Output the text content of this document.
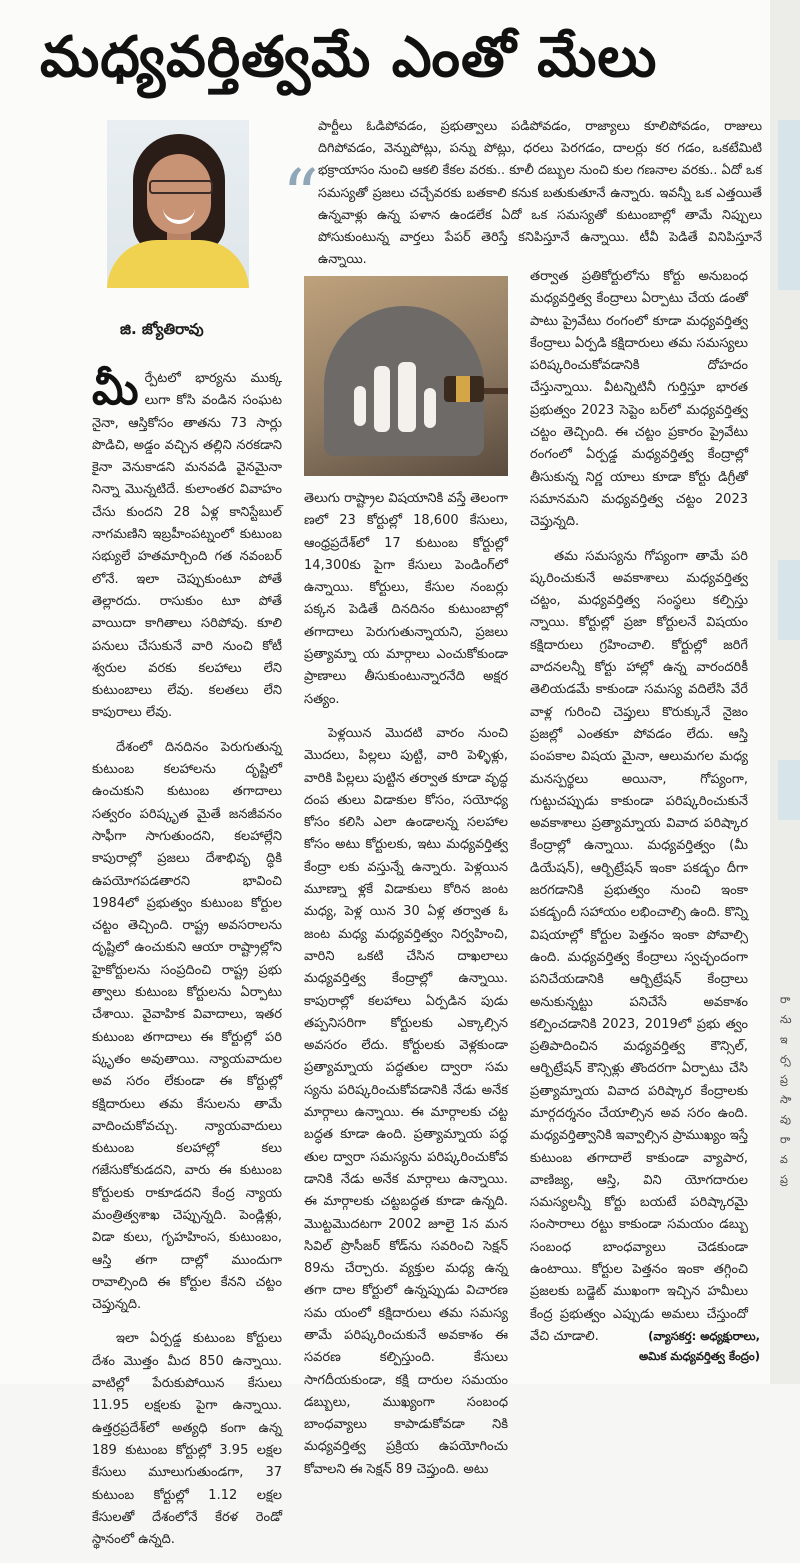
మధ్యవర్తిత్వమే ఎంతో మేలు
“
జి. జ్యోతిరావు

పార్టీలు ఓడిపోవడం, ప్రభుత్వాలు పడిపోవడం, రాజ్యాలు కూలిపోవడం, రాజులు దిగిపోవడం, వెన్నుపోట్లు, పన్ను పోట్లు, ధరలు పెరగడం, దాలర్లు కర గడం, ఒకటేమిటి భక్రాయాసం నుంచి ఆకలి కేకల వరకు.. కూలీ దబ్బుల నుంచి కుల గణనాల వరకు.. ఏదో ఒక సమస్యతో ప్రజలు చచ్చేవరకు బతకాలి కనుక బతుకుతూనే ఉన్నారు. ఇవన్నీ ఒక ఎత్తయితే ఉన్నవాళ్లు ఉన్న పళాన ఉండలేక ఏదో ఒక సమస్యతో కుటుంబాల్లో తామే నిప్పులు పోసుకుంటున్న వార్తలు పేపర్ తెరిస్తే కనిపిస్తూనే ఉన్నాయి. టీవీ పెడితే వినిపిస్తూనే ఉన్నాయి.

మీర్పేటలో భార్యను ముక్క లుగా కోసి వండిన సంఘట నైనా, ఆస్తికోసం తాతను 73 సార్లు పొడిచి, అడ్డం వచ్చిన తల్లిని నరకడాని కైనా వెనుకాడని మనవడి వైనమైనా నిన్నా మొన్నటిదే. కులాంతర వివాహం చేసు కుందని 28 ఏళ్ల కానిస్టేబుల్ నాగమణిని ఇబ్రహీంపట్నంలో కుటుంబ సభ్యులే హతమార్చింది గత నవంబర్ లోనే. ఇలా చెప్పుకుంటూ పోతే తెల్లారదు. రాసుకుం టూ పోతే వాయిదా కాగితాలు సరిపోవు. కూలి పనులు చేసుకునే వారి నుంచి కోటీ శ్వరుల వరకు కలహాలు లేని కుటుంబాలు లేవు. కలతలు లేని కాపురాలు లేవు.

దేశంలో దినదినం పెరుగుతున్న కుటుంబ కలహాలను దృష్టిలో ఉంచుకుని కుటుంబ తగాదాలు సత్వరం పరిష్కృత మైతే జనజీవనం సాఫీగా సాగుతుందని, కలహాల్లేని కాపురాల్లో ప్రజలు దేశాభివృ ద్ధికి ఉపయోగపడతారని భావించి 1984లో ప్రభుత్వం కుటుంబ కోర్టుల చట్టం తెచ్చింది. రాష్ట్ర అవసరాలను దృష్టిలో ఉంచుకుని ఆయా రాష్ట్రాల్లోని హైకోర్టులను సంప్రదించి రాష్ట్ర ప్రభు త్వాలు కుటుంబ కోర్టులను ఏర్పాటు చేశాయి. వైవాహిక వివాదాలు, ఇతర కుటుంబ తగాదాలు ఈ కోర్టుల్లో పరి ష్కృతం అవుతాయి. న్యాయవాదుల అవ సరం లేకుండా ఈ కోర్టుల్లో కక్షిదారులు తమ కేసులను తామే వాదించుకోవచ్చు. న్యాయవాదులు కుటుంబ కలహాల్లో కలు గజేసుకోకుడదని, వారు ఈ కుటుంబ కోర్టులకు రాకూడదని కేంద్ర న్యాయ మంత్రిత్వశాఖ చెప్పున్నది. పెండ్లిళ్లు, విడా కులు, గృహహింస, కుటుంబం, ఆస్తి తగా దాల్లో ముందుగా రావాల్సింది ఈ కోర్టుల కేనని చట్టం చెప్తున్నది.

ఇలా ఏర్పడ్డ కుటుంబ కోర్టులు దేశం మొత్తం మీద 850 ఉన్నాయి. వాటిల్లో పేరుకుపోయిన కేసులు 11.95 లక్షలకు పైగా ఉన్నాయి. ఉత్తర్రప్రదేశ్‌లో అత్యధి కంగా ఉన్న 189 కుటుంబ కోర్టుల్లో 3.95 లక్షల కేసులు మూలుగుతుండగా, 37 కుటుంబ కోర్టుల్లో 1.12 లక్షల కేసులతో దేశంలోనే కేరళ రెండో స్థానంలో ఉన్నది.

తెలుగు రాష్ట్రాల విషయానికి వస్తే తెలంగా ణలో 23 కోర్టుల్లో 18,600 కేసులు, ఆంధ్రప్రదేశ్‌లో 17 కుటుంబ కోర్టుల్లో 14,300కు పైగా కేసులు పెండింగ్‌లో ఉన్నాయి. కోర్టులు, కేసుల నంబర్లు పక్కన పెడితే దినదినం కుటుంబాల్లో తగాదాలు పెరుగుతున్నాయని, ప్రజలు ప్రత్యామ్నా య మార్గాలు ఎంచుకోకుండా ప్రాణాలు తీసుకుంటున్నారనేది అక్షర సత్యం.

పెళ్లయిన మొదటి వారం నుంచి మొదలు, పిల్లలు పుట్టి, వారి పెళ్ళిళ్లు, వారికి పిల్లలు పుట్టిన తర్వాత కూడా వృద్ధ దంప తులు విడాకుల కోసం, సయోధ్య కోసం కలిసి ఎలా ఉండాలన్న సలహాల కోసం అటు కోర్టులకు, ఇటు మధ్యవర్తిత్వ కేంద్రా లకు వస్తున్నే ఉన్నారు. పెళ్లయిన మూణ్నా ళ్లకే విడాకులు కోరిన జంట మధ్య, పెళ్ల యిన 30 ఏళ్ల తర్వాత ఓ జంట మధ్య మధ్యవర్తిత్వం నిర్వహించి, వారిని ఒకటి చేసిన దాఖలాలు మధ్యవర్తిత్వ కేంద్రాల్లో ఉన్నాయి. కాపురాల్లో కలహాలు ఏర్పడిన పుడు తప్పనిసరిగా కోర్టులకు ఎక్కాల్సిన అవసరం లేదు. కోర్టులకు వెళ్లకుండా ప్రత్యామ్నాయ పద్ధతుల ద్వారా సమ స్యను పరిష్కరించుకోవడానికి నేడు అనేక మార్గాలు ఉన్నాయి. ఈ మార్గాలకు చట్ట బద్ధత కూడా ఉంది. ప్రత్యామ్నాయ పద్ధ తుల ద్వారా సమస్యను పరిష్కరించుకోవ డానికి నేడు అనేక మార్గాలు ఉన్నాయి. ఈ మార్గాలకు చట్టబద్ధత కూడా ఉన్నది. మొట్టమొదటగా 2002 జూలై 1న మన సివిల్ ప్రొసీజర్ కోడ్‌ను సవరించి సెక్షన్ 89ను చేర్చారు. వ్యక్తుల మధ్య ఉన్న తగా దాల కోర్టులో ఉన్నప్పుడు విచారణ సమ యంలో కక్షిదారులు తమ సమస్య తామే పరిష్కరించుకునే అవకాశం ఈ సవరణ కల్పిస్తుంది. కేసులు సాగదీయకుండా, కక్షి దారుల సమయం డబ్బులు, ముఖ్యంగా సంబంధ బాంధవ్యాలు కాపాడుకోవడా నికి మధ్యవర్తిత్వ ప్రక్రియ ఉపయోగించు కోవాలని ఈ సెక్షన్ 89 చెప్తుంది. అటు

తర్వాత ప్రతికోర్టులోను కోర్టు అనుబంధ మధ్యవర్తిత్వ కేంద్రాలు ఏర్పాటు చేయ డంతో పాటు ప్రైవేటు రంగంలో కూడా మధ్యవర్తిత్వ కేంద్రాలు ఏర్పడి కక్షిదారులు తమ సమస్యలు పరిష్కరించుకోవడానికి దోహదం చేస్తున్నాయి. వీటన్నిటినీ గుర్తిస్తూ భారత ప్రభుత్వం 2023 సెప్టెం బర్‌లో మధ్యవర్తిత్వ చట్టం తెచ్చింది. ఈ చట్టం ప్రకారం ప్రైవేటు రంగంలో ఏర్పడ్డ మధ్యవర్తిత్వ కేంద్రాల్లో తీసుకున్న నిర్ణ యాలు కూడా కోర్టు డిగ్రీతో సమానమని మధ్యవర్తిత్వ చట్టం 2023 చెప్తున్నది.

తమ సమస్యను గోప్యంగా తామే పరి ష్కరించుకునే అవకాశాలు మధ్యవర్తిత్వ చట్టం, మధ్యవర్తిత్వ సంస్థలు కల్పిస్తు న్నాయి. కోర్టుల్లో ప్రజా కోర్టులనే విషయం కక్షిదారులు గ్రహించాలి. కోర్టుల్లో జరిగే వాదనలన్నీ కోర్టు హాల్లో ఉన్న వారందరికీ తెలియడమే కాకుండా సమస్య వదిలేసి వేరే వాళ్ల గురించి చెప్తులు కొరుక్కునే నైజం ప్రజల్లో ఎంతకూ పోవడం లేదు. ఆస్తి పంపకాల విషయ మైనా, ఆలుమగల మధ్య మనస్పర్థలు అయినా, గోప్యంగా, గుట్టుచప్పుడు కాకుండా పరిష్కరించుకునే అవకాశాలు ప్రత్యామ్నాయ వివాద పరిష్కార కేంద్రాల్లో ఉన్నాయి. మధ్యవర్తిత్వం (మీ డియేషన్), ఆర్బిట్రేషన్ ఇంకా పకడ్బం దీగా జరగడానికి ప్రభుత్వం నుంచి ఇంకా పకడ్బందీ సహాయం లభించాల్సి ఉంది. కొన్ని విషయాల్లో కోర్టుల పెత్తనం ఇంకా పోవాల్సి ఉంది. మధ్యవర్తిత్వ కేంద్రాలు స్వచ్ఛందంగా పనిచేయడానికి ఆర్బిట్రేషన్ కేంద్రాలు అనుకున్నట్టు పనిచేసే అవకాశం కల్పించడానికి 2023, 2019లో ప్రభు త్వం ప్రతిపాదించిన మధ్యవర్తిత్వ కౌన్సిల్, ఆర్బిట్రేషన్ కౌన్సిళ్లు తొందరగా ఏర్పాటు చేసి ప్రత్యామ్నాయ వివాద పరిష్కార కేంద్రాలకు మార్గదర్శనం చేయాల్సిన అవ సరం ఉంది. మధ్యవర్తిత్వానికి ఇవ్వాల్సిన ప్రాముఖ్యం ఇస్తే కుటుంబ తగాదాలే కాకుండా వ్యాపార, వాణిజ్య, ఆస్తి, విని యోగదారుల సమస్యలన్నీ కోర్టు బయటే పరిష్కారమై సంసారాలు రట్టు కాకుండా సమయం డబ్బు సంబంధ బాంధవ్యాలు చెడకుండా ఉంటాయి. కోర్టుల పెత్తనం ఇంకా తగ్గించి ప్రజలకు బడ్జెట్ ముఖంగా ఇచ్చిన హమీలు కేంద్ర ప్రభుత్వం ఎప్పుడు అమలు చేస్తుందో వేచి చూడాలి.	(వ్యాసకర్త: అధ్యక్షురాలు,
అమిక మధ్యవర్తిత్వ కేంద్రం)
రా
ను
ఇ
ర్స
ప్ర
సా
వు
రా
వ
ప్ర
